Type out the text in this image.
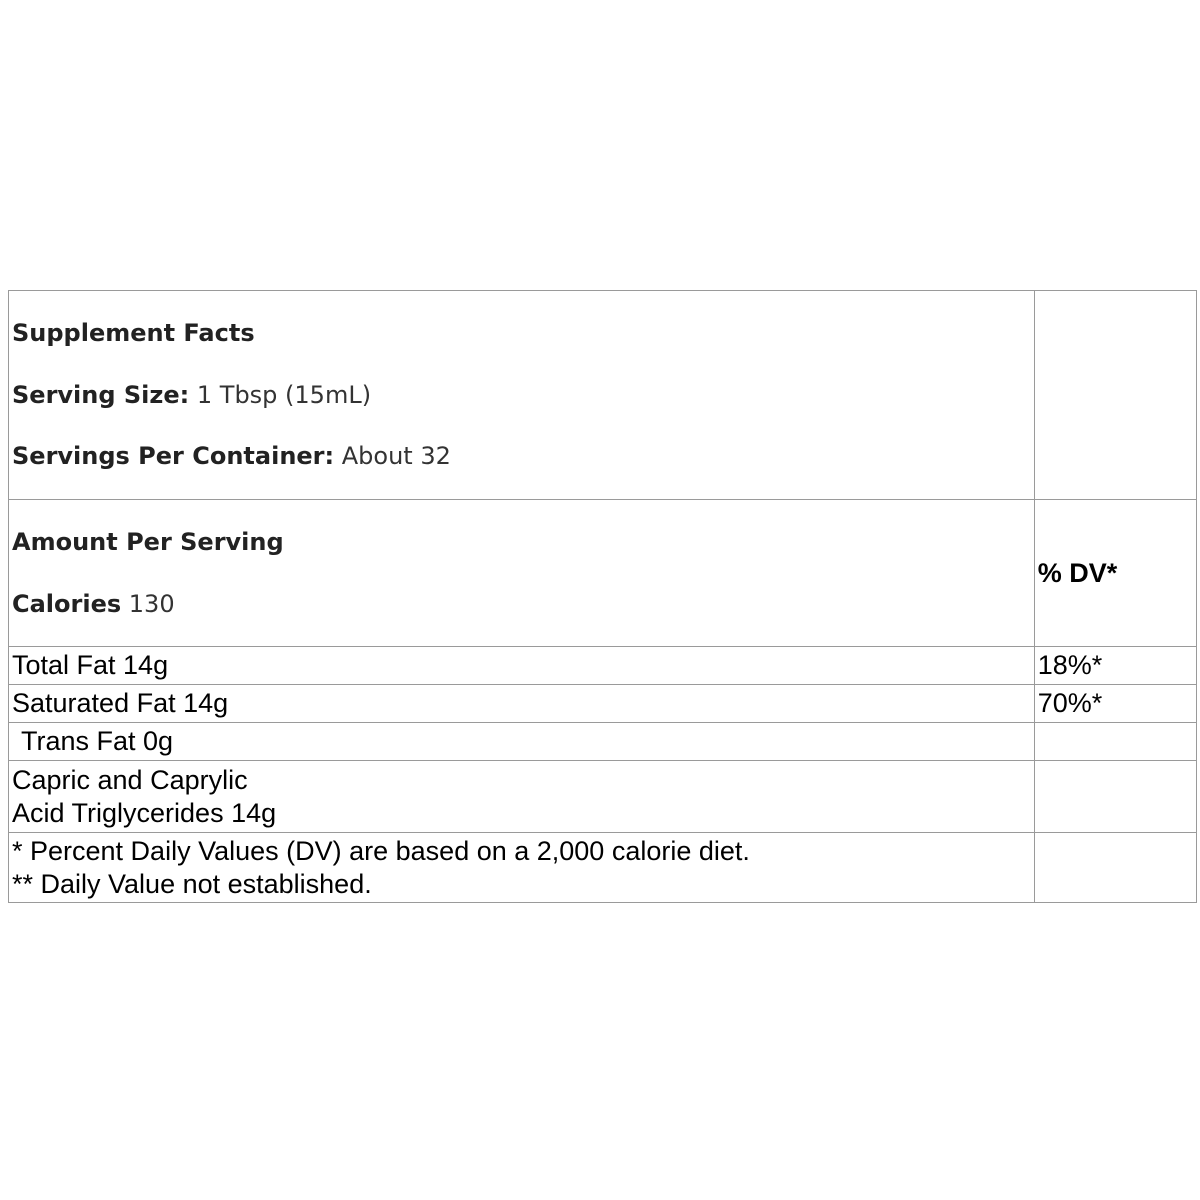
Supplement Facts

Serving Size: 1 Tbsp (15mL)

Servings Per Container: About 32	

Amount Per Serving

Calories 130	% DV*
Total Fat 14g	18%*
Saturated Fat 14g	70%*
Trans Fat 0g	

Capric and Caprylic
Acid Triglycerides 14g	

* Percent Daily Values (DV) are based on a 2,000 calorie diet.
** Daily Value not established.	
